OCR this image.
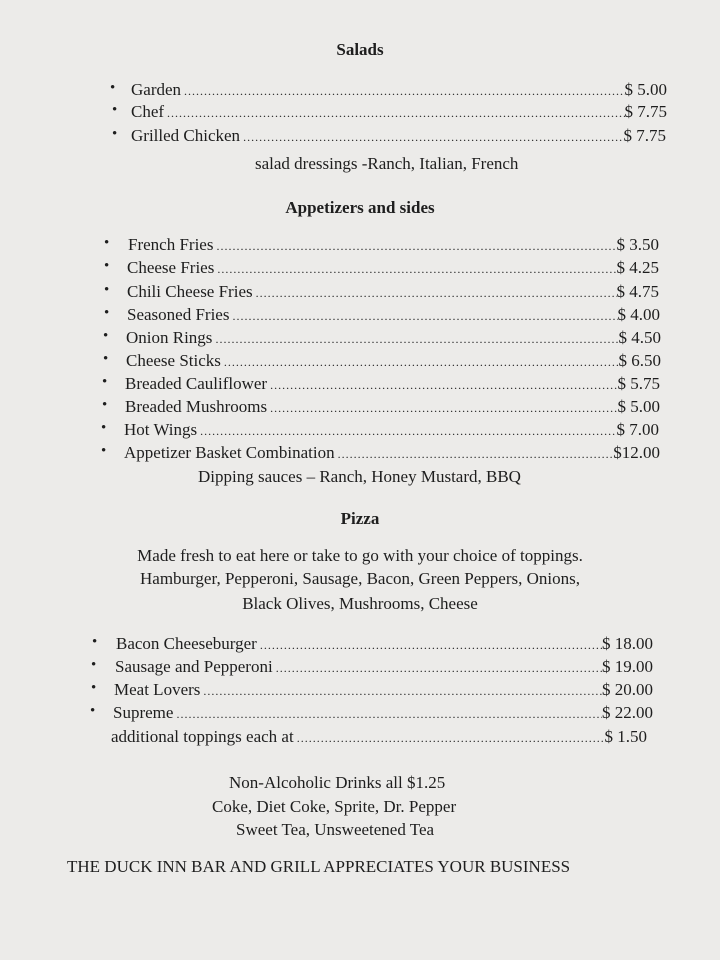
Salads
• Garden .....	$ 5.00
• Chef .....	$ 7.75
• Grilled Chicken .....	$ 7.75
salad dressings -Ranch, Italian, French
Appetizers and sides
• French Fries .....	$ 3.50
• Cheese Fries .....	$ 4.25
• Chili Cheese Fries .....	$ 4.75
• Seasoned Fries .....	$ 4.00
• Onion Rings .....	$ 4.50
• Cheese Sticks .....	$ 6.50
• Breaded Cauliflower .....	$ 5.75
• Breaded Mushrooms .....	$ 5.00
• Hot Wings .....	$ 7.00
• Appetizer Basket Combination .....	$12.00
Dipping sauces – Ranch, Honey Mustard, BBQ
Pizza
Made fresh to eat here or take to go with your choice of toppings.
Hamburger, Pepperoni, Sausage, Bacon, Green Peppers, Onions,
Black Olives, Mushrooms, Cheese
• Bacon Cheeseburger .....	$ 18.00
• Sausage and Pepperoni .....	$ 19.00
• Meat Lovers .....	$ 20.00
• Supreme .....	$ 22.00
additional toppings each at .....	$ 1.50
Non-Alcoholic Drinks all $1.25
Coke, Diet Coke, Sprite, Dr. Pepper
Sweet Tea, Unsweetened Tea
THE DUCK INN BAR AND GRILL APPRECIATES YOUR BUSINESS
